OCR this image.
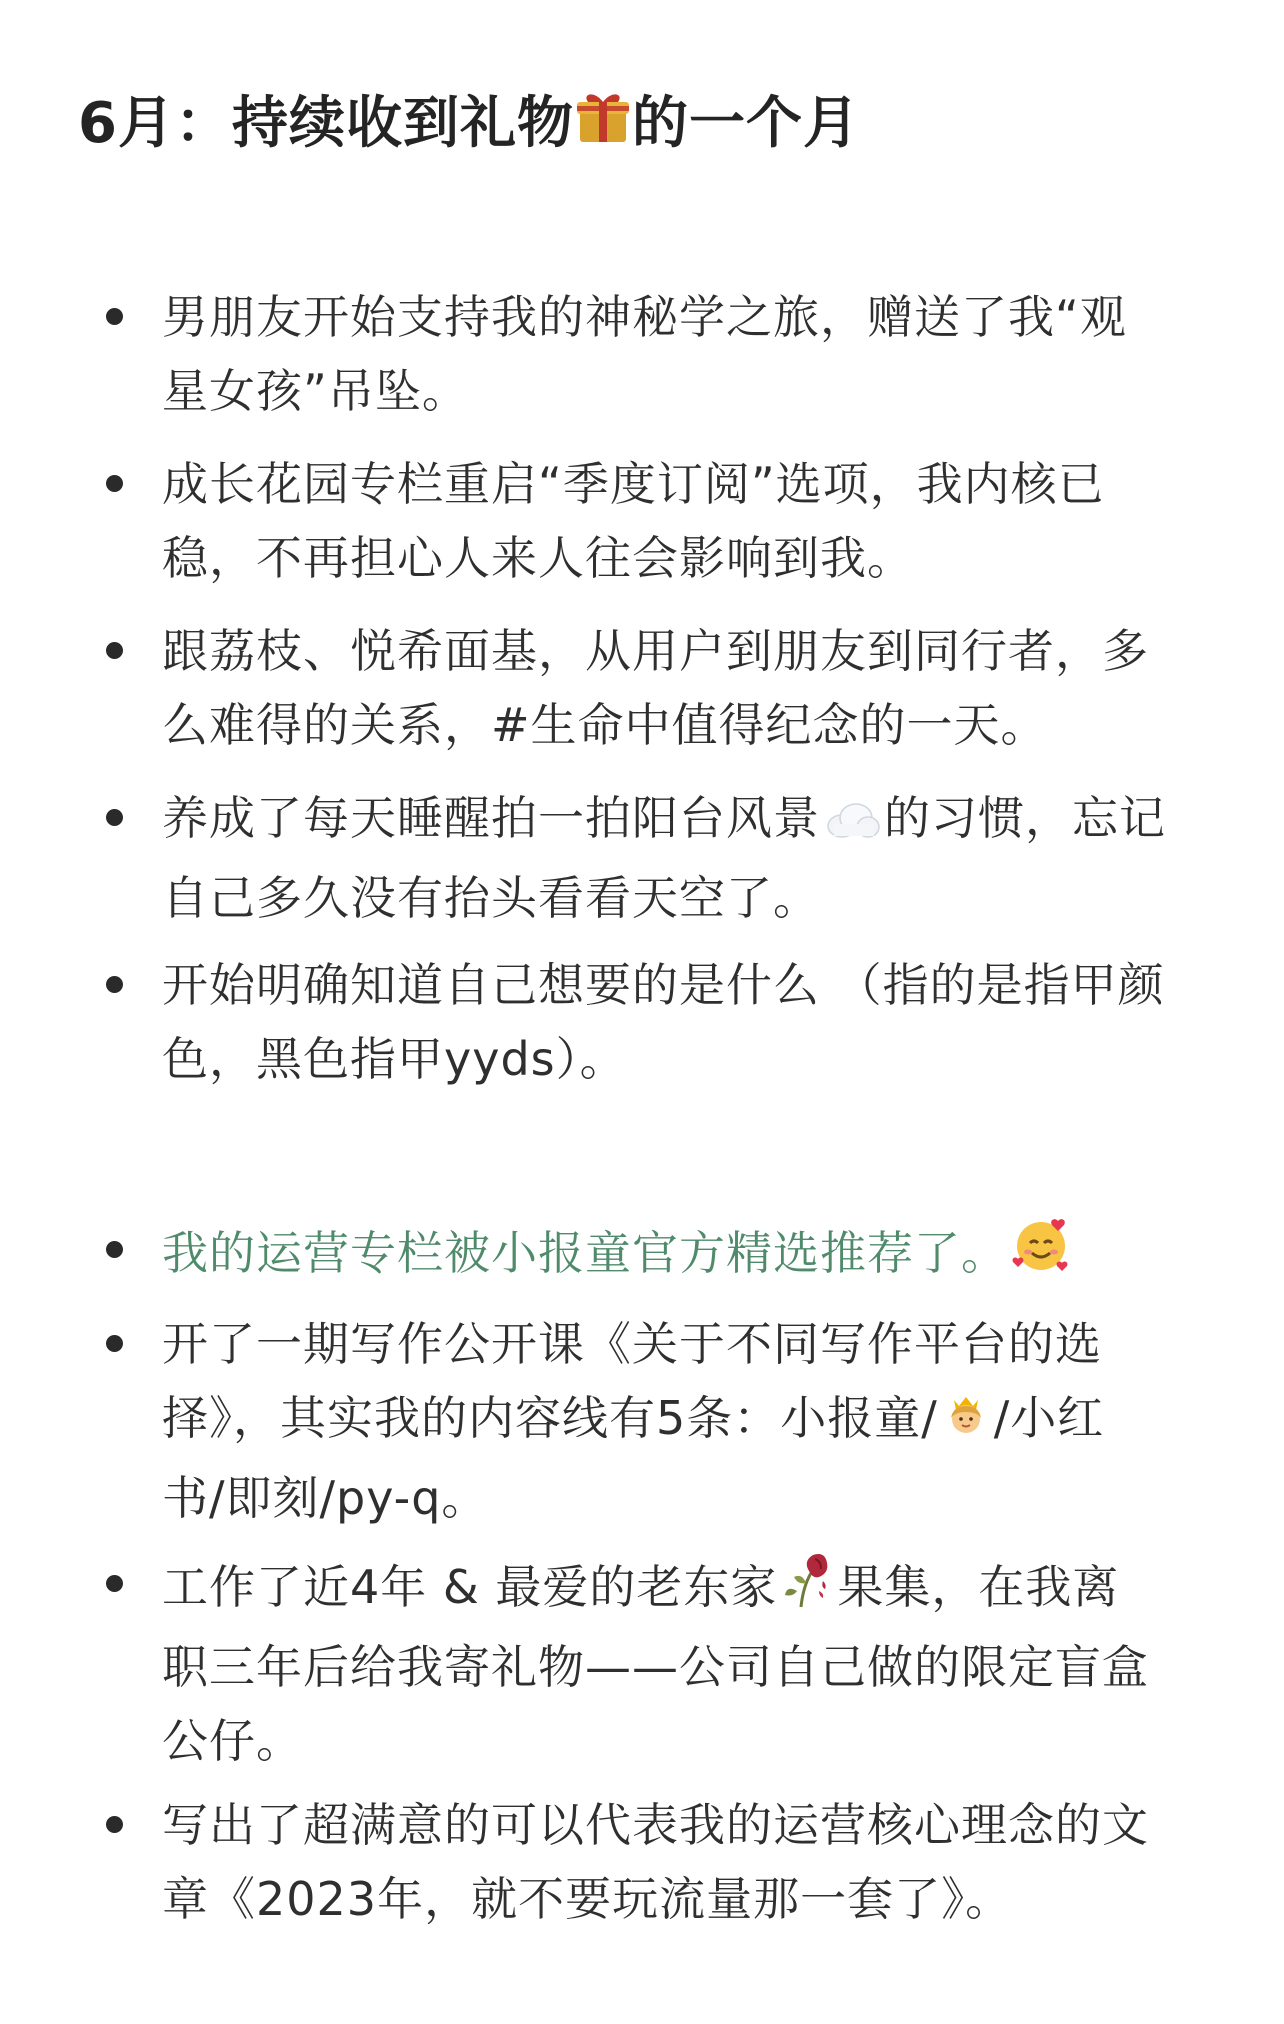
6月：持续收到礼物 的一个月
男朋友开始支持我的神秘学之旅，赠送了我“观
星女孩”吊坠。
成长花园专栏重启“季度订阅”选项，我内核已
稳，不再担心人来人往会影响到我。
跟荔枝、悦希面基，从用户到朋友到同行者，多
么难得的关系，#生命中值得纪念的一天。
养成了每天睡醒拍一拍阳台风景 的习惯，忘记
自己多久没有抬头看看天空了。
开始明确知道自己想要的是什么 （指的是指甲颜
色，黑色指甲yyds）。
我的运营专栏被小报童官方精选推荐了。
开了一期写作公开课《关于不同写作平台的选
择》，其实我的内容线有5条：小报童/ /小红
书/即刻/py-q。
工作了近4年 & 最爱的老东家 果集，在我离
职三年后给我寄礼物——公司自己做的限定盲盒
公仔。
写出了超满意的可以代表我的运营核心理念的文
章《2023年，就不要玩流量那一套了》。
